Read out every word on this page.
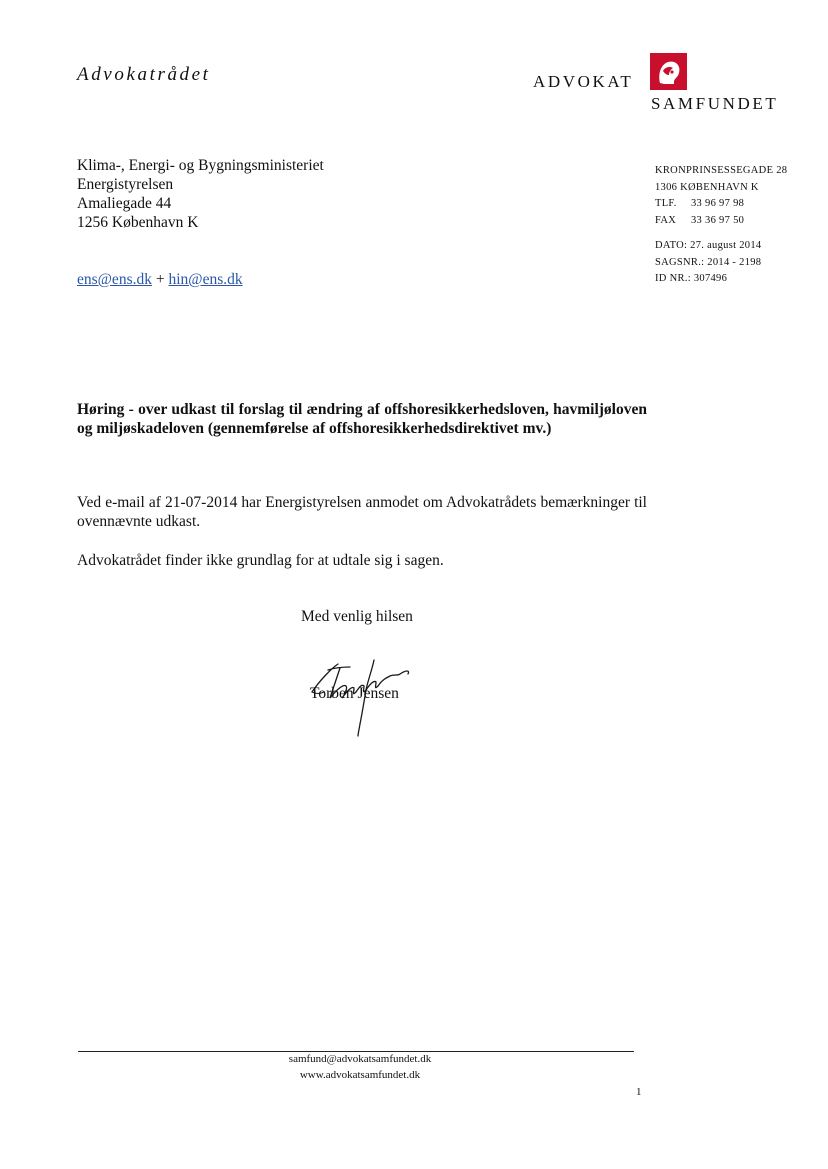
Advokatrådet	ADVOKAT
SAMFUNDET
Klima-, Energi- og Bygningsministeriet
Energistyrelsen
Amaliegade 44
1256 København K
ens@ens.dk + hin@ens.dk
KRONPRINSESSEGADE 28
1306 KØBENHAVN K
TLF. 33 96 97 98
FAX 33 36 97 50
DATO: 27. august 2014
SAGSNR.: 2014 - 2198
ID NR.: 307496
Høring - over udkast til forslag til ændring af offshoresikkerhedsloven, havmiljøloven og miljøskadeloven (gennemførelse af offshoresikkerhedsdirektivet mv.)
Ved e-mail af 21-07-2014 har Energistyrelsen anmodet om Advokatrådets bemærkninger til ovennævnte udkast.
Advokatrådet finder ikke grundlag for at udtale sig i sagen.
Med venlig hilsen
Torben Jensen
samfund@advokatsamfundet.dk
www.advokatsamfundet.dk
1
